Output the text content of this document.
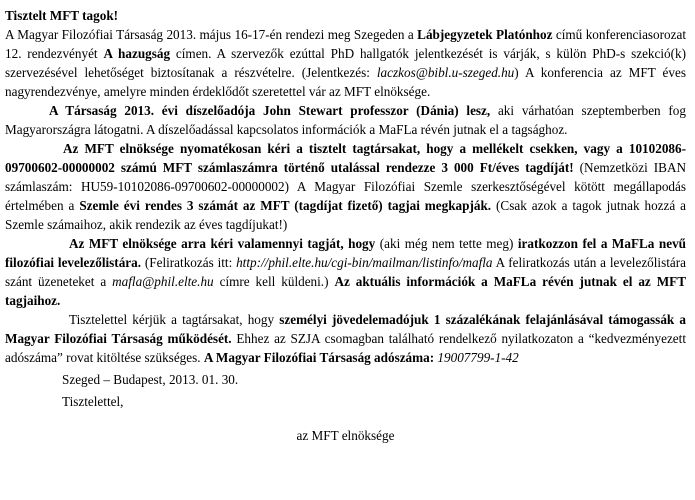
Tisztelt MFT tagok!

A Magyar Filozófiai Társaság 2013. május 16-17-én rendezi meg Szegeden a Lábjegyzetek Platónhoz című konferenciasorozat 12. rendezvényét A hazugság címen. A szervezők ezúttal PhD hallgatók jelentkezését is várják, s külön PhD-s szekció(k) szervezésével lehetőséget biztosítanak a részvételre. (Jelentkezés: laczkos@bibl.u-szeged.hu) A konferencia az MFT éves nagyrendezvénye, amelyre minden érdeklődőt szeretettel vár az MFT elnöksége.

A Társaság 2013. évi díszelőadója John Stewart professzor (Dánia) lesz, aki várhatóan szeptemberben fog Magyarországra látogatni. A díszelőadással kapcsolatos információk a MaFLa révén jutnak el a tagsághoz.

Az MFT elnöksége nyomatékosan kéri a tisztelt tagtársakat, hogy a mellékelt csekken, vagy a 10102086-09700602-00000002 számú MFT számlaszámra történő utalással rendezze 3 000 Ft/éves tagdíját! (Nemzetközi IBAN számlaszám: HU59-10102086-09700602-00000002) A Magyar Filozófiai Szemle szerkesztőségével kötött megállapodás értelmében a Szemle évi rendes 3 számát az MFT (tagdíjat fizető) tagjai megkapják. (Csak azok a tagok jutnak hozzá a Szemle számaihoz, akik rendezik az éves tagdíjukat!)

Az MFT elnöksége arra kéri valamennyi tagját, hogy (aki még nem tette meg) iratkozzon fel a MaFLa nevű filozófiai levelezőlistára. (Feliratkozás itt: http://phil.elte.hu/cgi-bin/mailman/listinfo/mafla A feliratkozás után a levelezőlistára szánt üzeneteket a mafla@phil.elte.hu címre kell küldeni.) Az aktuális információk a MaFLa révén jutnak el az MFT tagjaihoz.

Tisztelettel kérjük a tagtársakat, hogy személyi jövedelemadójuk 1 százalékának felajánlásával támogassák a Magyar Filozófiai Társaság működését. Ehhez az SZJA csomagban található rendelkező nyilatkozaton a “kedvezményezett adószáma” rovat kitöltése szükséges. A Magyar Filozófiai Társaság adószáma: 19007799-1-42

Szeged – Budapest, 2013. 01. 30.

Tisztelettel,

az MFT elnöksége
